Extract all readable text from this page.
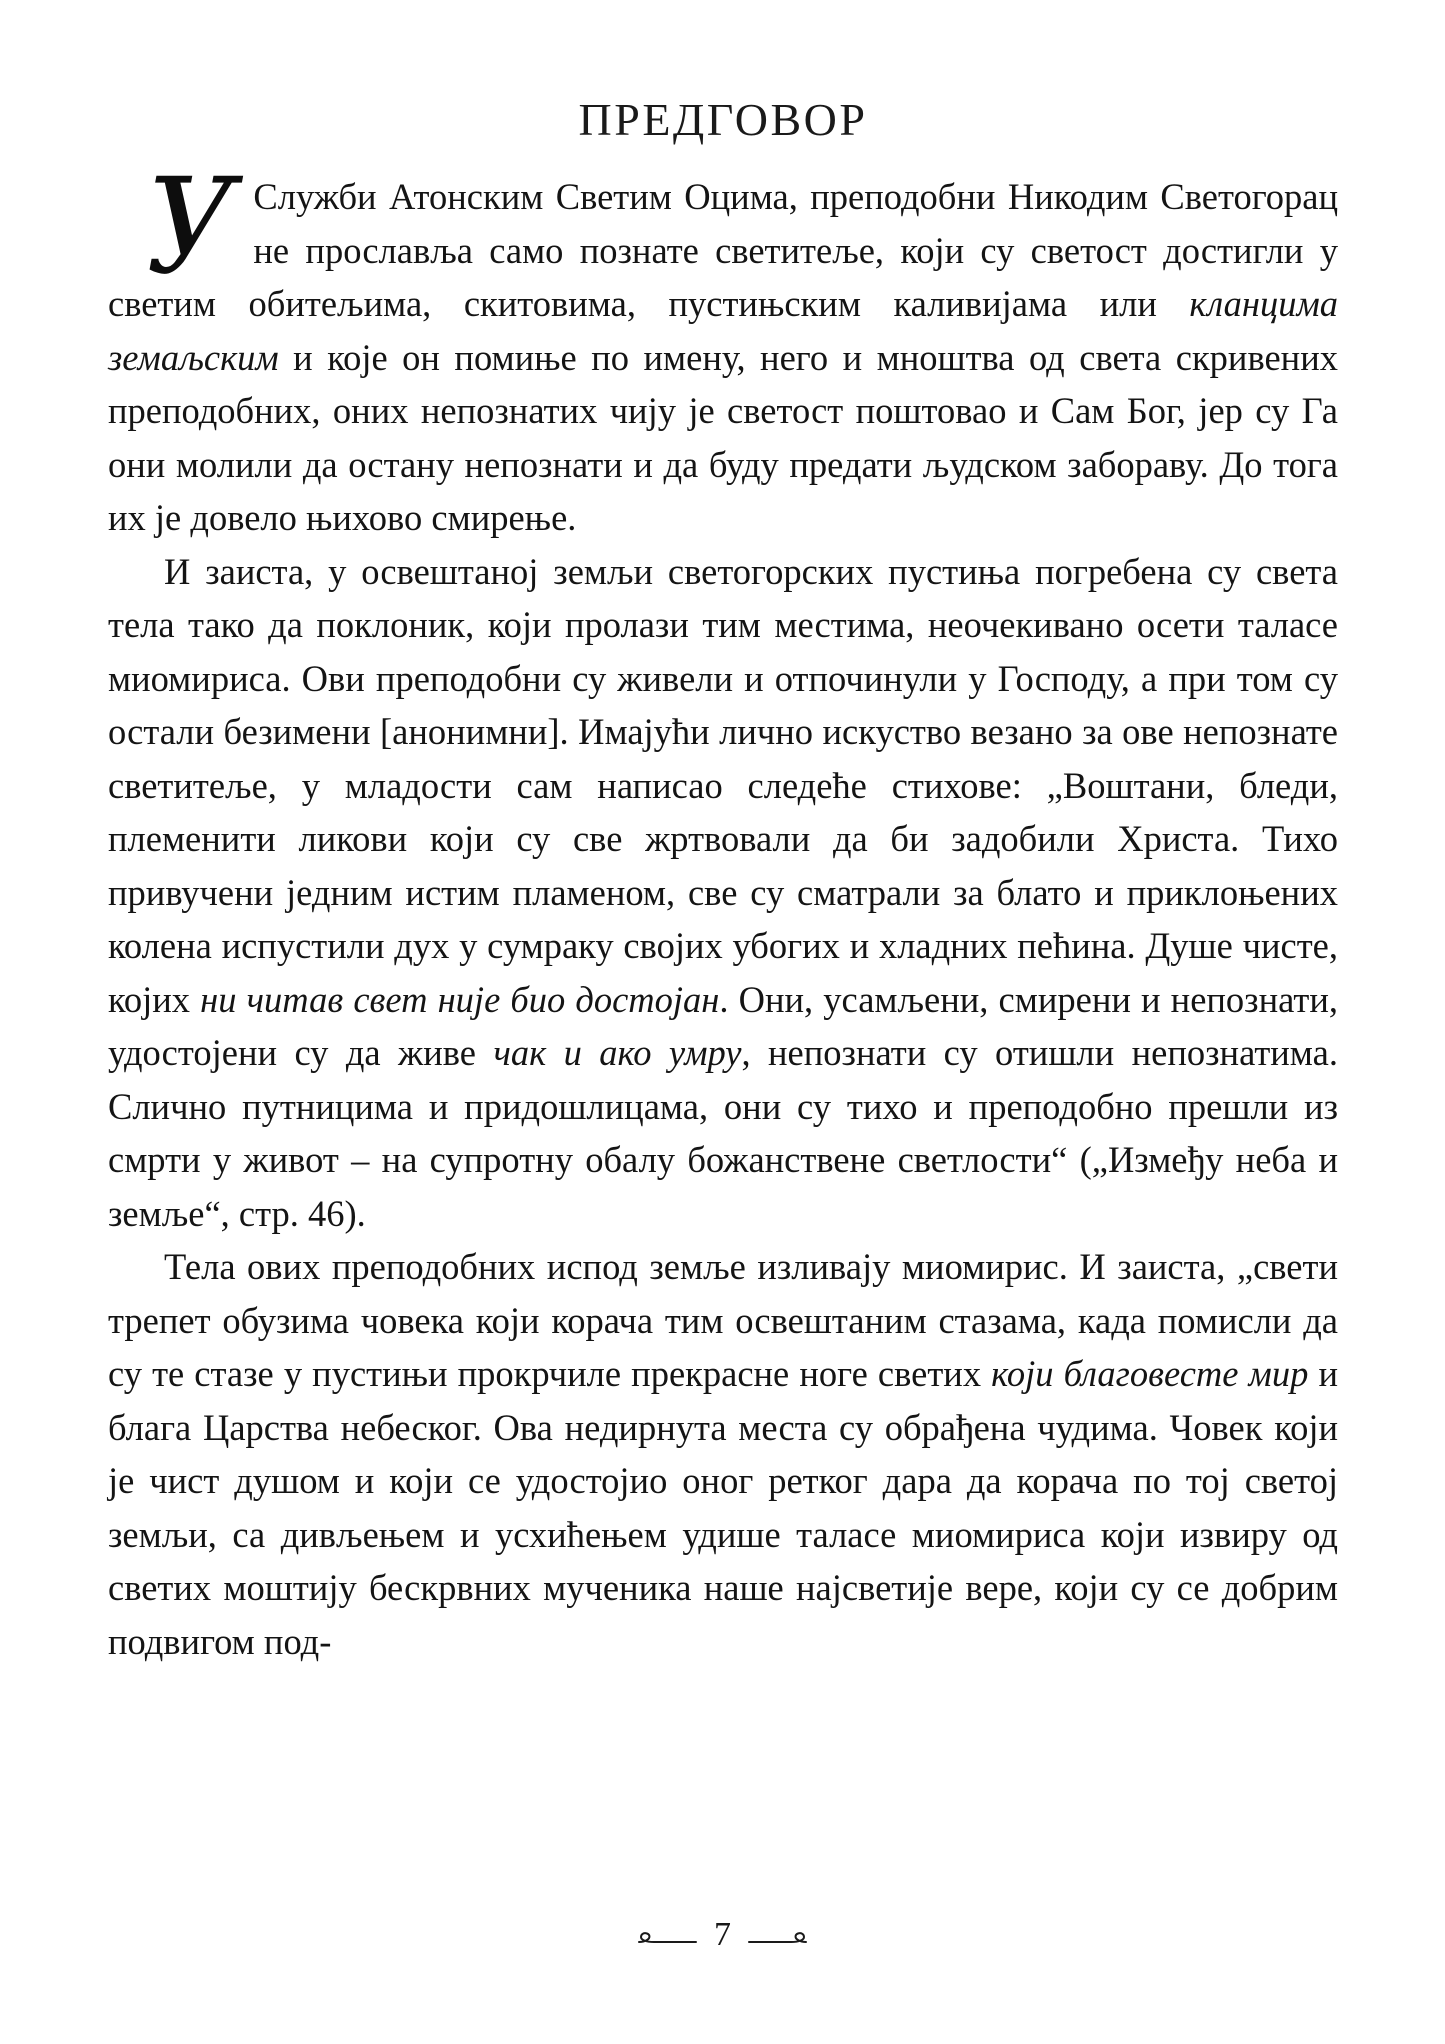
ПРЕДГОВОР

У Служби Атонским Светим Оцима, преподобни Никодим Светогорац не прославља само познате светитеље, који су светост достигли у светим обитељима, скитовима, пустињским каливијама или кланцима земаљским и које он помиње по имену, него и мноштва од света скривених преподобних, оних непознатих чију је светост поштовао и Сам Бог, јер су Га они молили да остану непознати и да буду предати људском забораву. До тога их је довело њихово смирење.

И заиста, у освештаној земљи светогорских пустиња погребена су света тела тако да поклоник, који пролази тим местима, неочекивано осети таласе миомириса. Ови преподобни су живели и отпочинули у Господу, а при том су остали безимени [анонимни]. Имајући лично искуство везано за ове непознате светитеље, у младости сам написао следеће стихове: „Воштани, бледи, племенити ликови који су све жртвовали да би задобили Христа. Тихо привучени једним истим пламеном, све су сматрали за блато и приклоњених колена испустили дух у сумраку својих убогих и хладних пећина. Душе чисте, којих ни читав свет није био достојан. Они, усамљени, смирени и непознати, удостојени су да живе чак и ако умру, непознати су отишли непознатима. Слично путницима и придошлицама, они су тихо и преподобно прешли из смрти у живот – на супротну обалу божанствене светлости“ („Између неба и земље“, стр. 46).

Тела ових преподобних испод земље изливају миомирис. И заиста, „свети трепет обузима човека који корача тим освештаним стазама, када помисли да су те стазе у пустињи прокрчиле прекрасне ноге светих који благовесте мир и блага Царства небеског. Ова недирнута места су обрађена чудима. Човек који је чист душом и који се удостојио оног ретког дара да корача по тој светој земљи, са дивљењем и усхићењем удише таласе миомириса који извиру од светих моштију бескрвних мученика наше најсветије вере, који су се добрим подвигом под-

7
